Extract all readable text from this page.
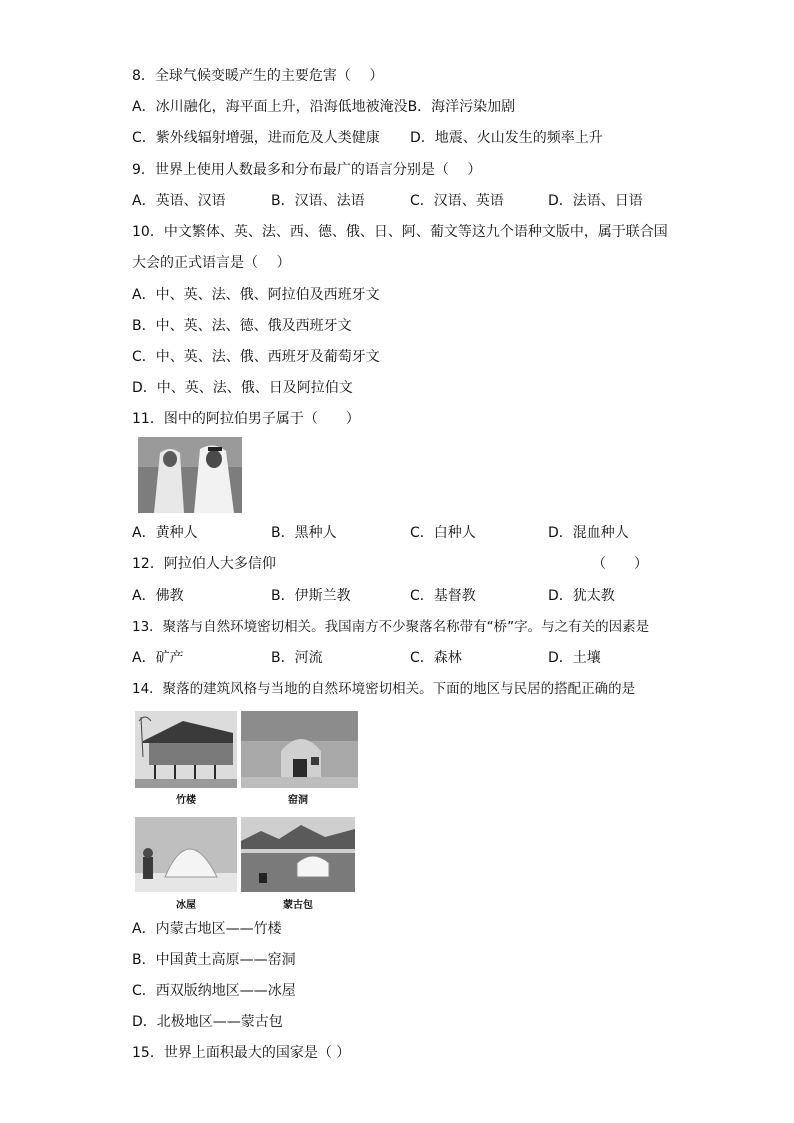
8．全球气候变暖产生的主要危害（　 ）
A．冰川融化，海平面上升，沿海低地被淹没B．海洋污染加剧
C．紫外线辐射增强，进而危及人类健康 D．地震、火山发生的频率上升
9．世界上使用人数最多和分布最广的语言分别是（　 ）
A．英语、汉语	B．汉语、法语	C．汉语、英语	D．法语、日语
10．中文繁体、英、法、西、德、俄、日、阿、葡文等这九个语种文版中，属于联合国
大会的正式语言是（　 ）
A．中、英、法、俄、阿拉伯及西班牙文
B．中、英、法、德、俄及西班牙文
C．中、英、法、俄、西班牙及葡萄牙文
D．中、英、法、俄、日及阿拉伯文
11．图中的阿拉伯男子属于（　　）
A．黄种人	B．黑种人	C．白种人	D．混血种人
12．阿拉伯人大多信仰	（　　）
A．佛教	B．伊斯兰教	C．基督教	D．犹太教
13．聚落与自然环境密切相关。我国南方不少聚落名称带有“桥”字。与之有关的因素是
A．矿产	B．河流	C．森林	D．土壤
14．聚落的建筑风格与当地的自然环境密切相关。下面的地区与民居的搭配正确的是
竹楼	窑洞
冰屋	蒙古包
A．内蒙古地区——竹楼
B．中国黄土高原——窑洞
C．西双版纳地区——冰屋
D．北极地区——蒙古包
15．世界上面积最大的国家是（ ）
